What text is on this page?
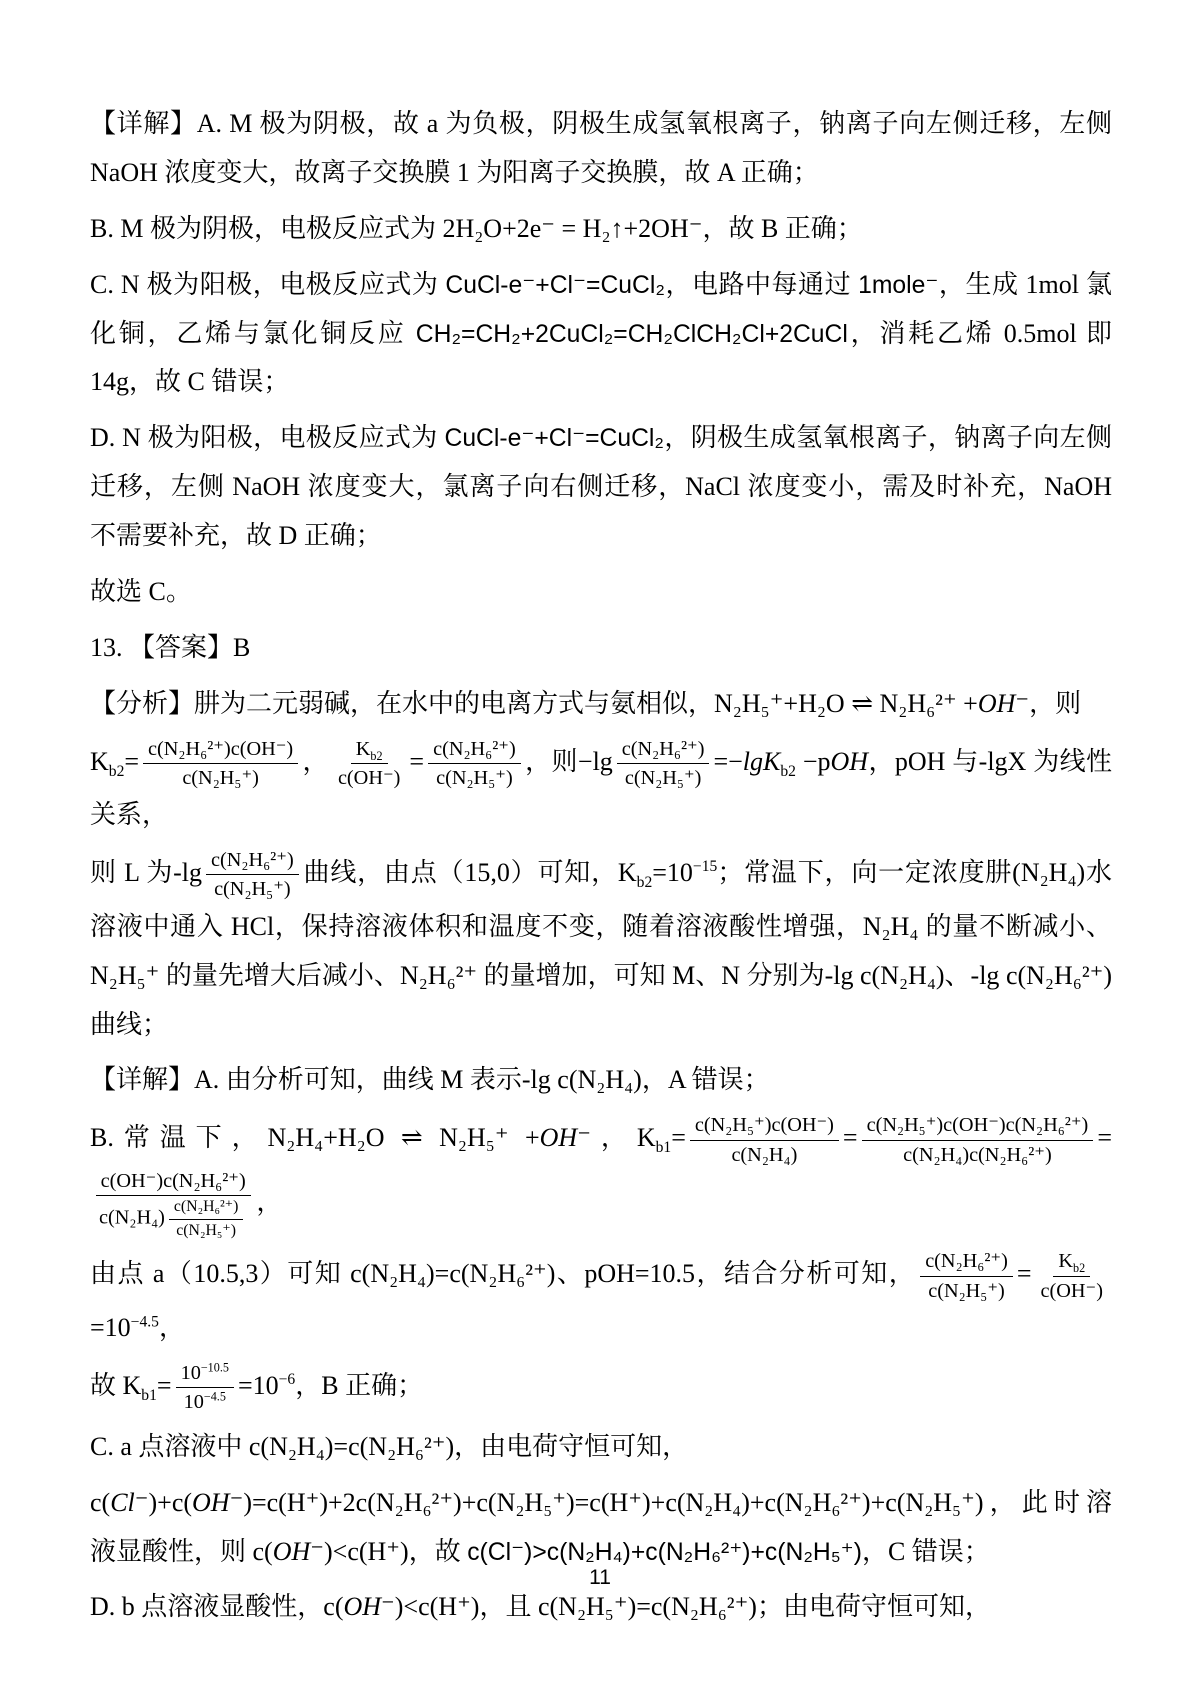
【详解】A. M 极为阴极，故 a 为负极，阴极生成氢氧根离子，钠离子向左侧迁移，左侧 NaOH 浓度变大，故离子交换膜 1 为阳离子交换膜，故 A 正确；

B. M 极为阴极，电极反应式为 2H₂O+2e⁻ = H₂↑+2OH⁻，故 B 正确；

C. N 极为阳极，电极反应式为 CuCl-e⁻+Cl⁻=CuCl₂，电路中每通过 1mole⁻，生成 1mol 氯化铜，乙烯与氯化铜反应 CH₂=CH₂+2CuCl₂=CH₂ClCH₂Cl+2CuCl，消耗乙烯 0.5mol 即 14g，故 C 错误；

D. N 极为阳极，电极反应式为 CuCl-e⁻+Cl⁻=CuCl₂，阴极生成氢氧根离子，钠离子向左侧迁移，左侧 NaOH 浓度变大，氯离子向右侧迁移，NaCl 浓度变小，需及时补充，NaOH 不需要补充，故 D 正确；

故选 C。

13. 【答案】B

【分析】肼为二元弱碱，在水中的电离方式与氨相似，N₂H₅⁺+H₂O ⇌ N₂H₆²⁺ +OH⁻，则

$K_{b2}= \frac{\text{c(N₂H₆²⁺)c(OH⁻)}}{\text{c(N₂H₅⁺)}}$ ， $\frac{K_{b2}}{c(OH^-)} = \frac{\text{c(N₂H₆²⁺)}}{\text{c(N₂H₅⁺)}}$ ，则$-\lg \frac{\text{c(N₂H₆²⁺)}}{\text{c(N₂H₅⁺)}} =-\lg K_{b2} -pOH$，pOH 与-lgX 为线性关系，

则 L 为$-\lg \frac{\text{c(N₂H₆²⁺)}}{\text{c(N₂H₅⁺)}}$ 曲线，由点（15,0）可知，$K_{b2}=10^{-15}$；常温下，向一定浓度肼(N₂H₄)水溶液中通入 HCl，保持溶液体积和温度不变，随着溶液酸性增强，N₂H₄ 的量不断减小、N₂H₅⁺ 的量先增大后减小、N₂H₆²⁺ 的量增加，可知 M、N 分别为-lg c(N₂H₄)、-lg c(N₂H₆²⁺) 曲线；

【详解】A. 由分析可知，曲线 M 表示-lg c(N₂H₄)，A 错误；

B.常温下，N₂H₄+H₂O ⇌ N₂H₅⁺ +OH⁻，$K_{b1}= \frac{\text{c(N₂H₅⁺)c(OH⁻)}}{\text{c(N₂H₄)}} = \frac{\text{c(N₂H₅⁺)c(OH⁻)c(N₂H₆²⁺)}}{\text{c(N₂H₄)c(N₂H₆²⁺)}}$ =
$\frac{\text{c(OH⁻)c(N₂H₆²⁺)}}{c(N_2H_4) \frac{\text{c(N₂H₆²⁺)}}{\text{c(N₂H₅⁺)}}}$ ，

由点 a（10.5,3）可知 c(N₂H₄)=c(N₂H₆²⁺)、pOH=10.5，结合分析可知， $\frac{\text{c(N₂H₆²⁺)}}{\text{c(N₂H₅⁺)}} = \frac{K_{b2}}{c(OH^-)}$
$=10^{-4.5}$，

故 $K_{b1}= \frac{10^{-10.5}}{10^{-4.5}} =10^{-6}$，B 正确；

C. a 点溶液中 c(N₂H₄)=c(N₂H₆²⁺)，由电荷守恒可知，

c(Cl⁻)+c(OH⁻)=c(H⁺)+2c(N₂H₆²⁺)+c(N₂H₅⁺)=c(H⁺)+c(N₂H₄)+c(N₂H₆²⁺)+c(N₂H₅⁺)，此时溶液显酸性，则 c(OH⁻)<c(H⁺)，故 c(Cl⁻)>c(N₂H₄)+c(N₂H₆²⁺)+c(N₂H₅⁺)，C 错误；

D. b 点溶液显酸性，c(OH⁻)<c(H⁺)，且 c(N₂H₅⁺)=c(N₂H₆²⁺)；由电荷守恒可知，

11
